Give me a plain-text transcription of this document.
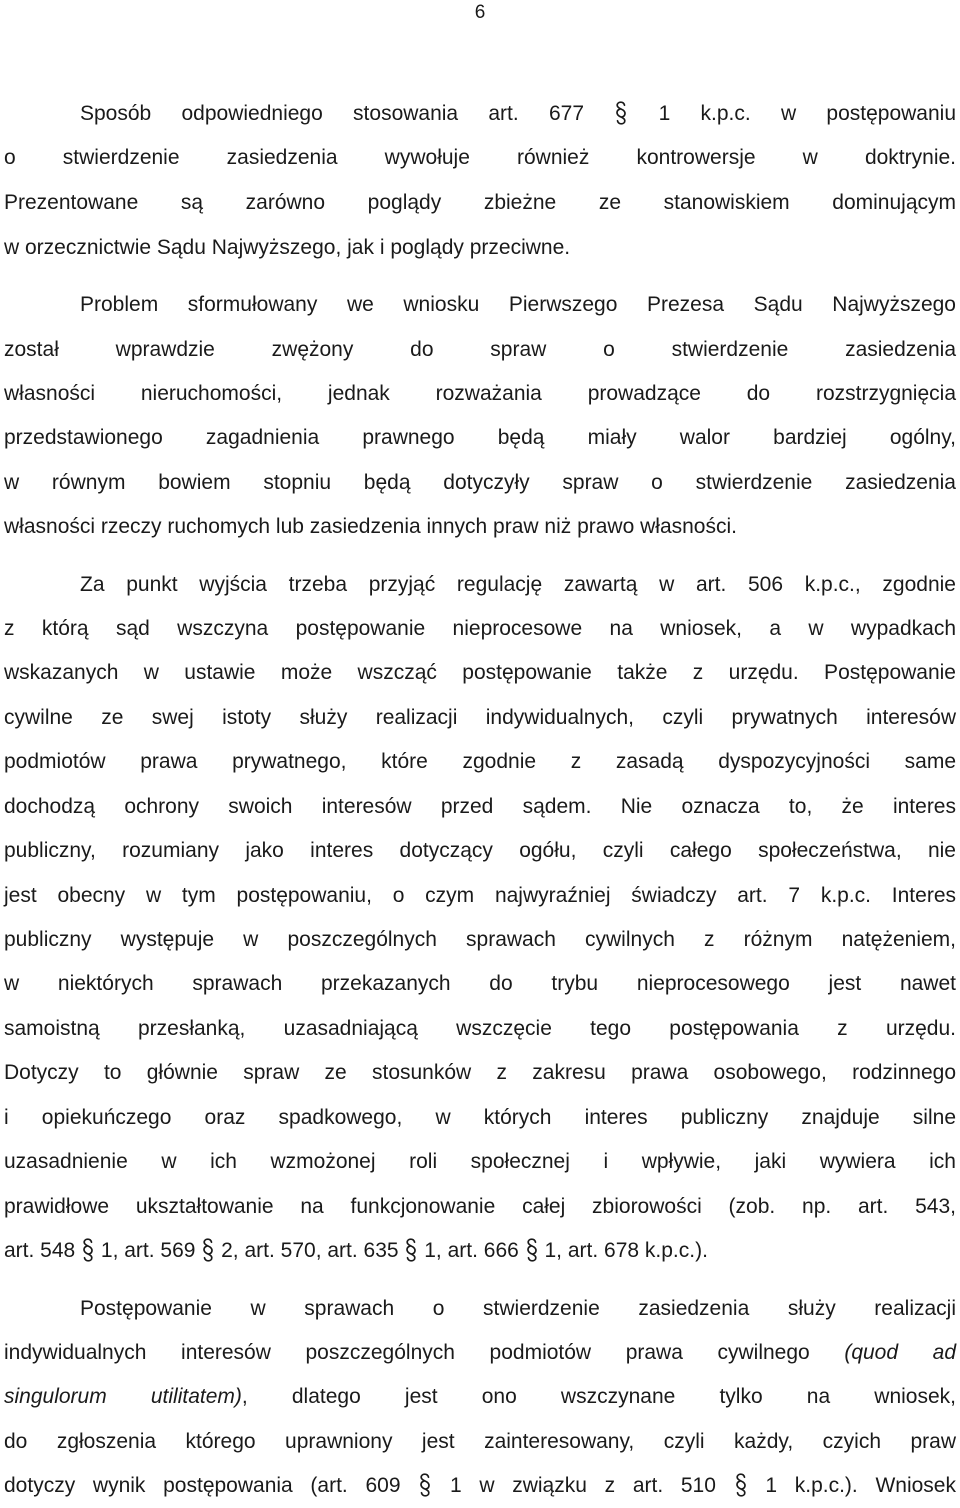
6
Sposób odpowiedniego stosowania art. 677
1 k.p.c. w postępowaniu
o stwierdzenie zasiedzenia wywołuje również kontrowersje w doktrynie.
Prezentowane są zarówno poglądy zbieżne ze stanowiskiem dominującym
w orzecznictwie Sądu Najwyższego, jak i poglądy przeciwne.
Problem sformułowany we wniosku Pierwszego Prezesa Sądu Najwyższego
został wprawdzie zwężony do spraw o stwierdzenie zasiedzenia
własności nieruchomości, jednak rozważania prowadzące do rozstrzygnięcia
przedstawionego zagadnienia prawnego będą miały walor bardziej ogólny,
w równym bowiem stopniu będą dotyczyły spraw o stwierdzenie zasiedzenia
własności rzeczy ruchomych lub zasiedzenia innych praw niż prawo własności.
Za punkt wyjścia trzeba przyjąć regulację zawartą w art. 506 k.p.c., zgodnie
z którą sąd wszczyna postępowanie nieprocesowe na wniosek, a w wypadkach
wskazanych w ustawie może wszcząć postępowanie także z urzędu. Postępowanie
cywilne ze swej istoty służy realizacji indywidualnych, czyli prywatnych interesów
podmiotów prawa prywatnego, które zgodnie z zasadą dyspozycyjności same
dochodzą ochrony swoich interesów przed sądem. Nie oznacza to, że interes
publiczny, rozumiany jako interes dotyczący ogółu, czyli całego społeczeństwa, nie
jest obecny w tym postępowaniu, o czym najwyraźniej świadczy art. 7 k.p.c. Interes
publiczny występuje w poszczególnych sprawach cywilnych z różnym natężeniem,
w niektórych sprawach przekazanych do trybu nieprocesowego jest nawet
samoistną przesłanką, uzasadniającą wszczęcie tego postępowania z urzędu.
Dotyczy to głównie spraw ze stosunków z zakresu prawa osobowego, rodzinnego
i opiekuńczego oraz spadkowego, w których interes publiczny znajduje silne
uzasadnienie w ich wzmożonej roli społecznej i wpływie, jaki wywiera ich
prawidłowe ukształtowanie na funkcjonowanie całej zbiorowości (zob. np. art. 543,
art. 548
1, art. 569
2, art. 570, art. 635
1, art. 666
1, art. 678 k.p.c.).
Postępowanie w sprawach o stwierdzenie zasiedzenia służy realizacji
indywidualnych interesów poszczególnych podmiotów prawa cywilnego (quod ad
singulorum utilitatem), dlatego jest ono wszczynane tylko na wniosek,
do zgłoszenia którego uprawniony jest zainteresowany, czyli każdy, czyich praw
dotyczy wynik postępowania (art. 609
1 w związku z art. 510
1 k.p.c.). Wniosek
